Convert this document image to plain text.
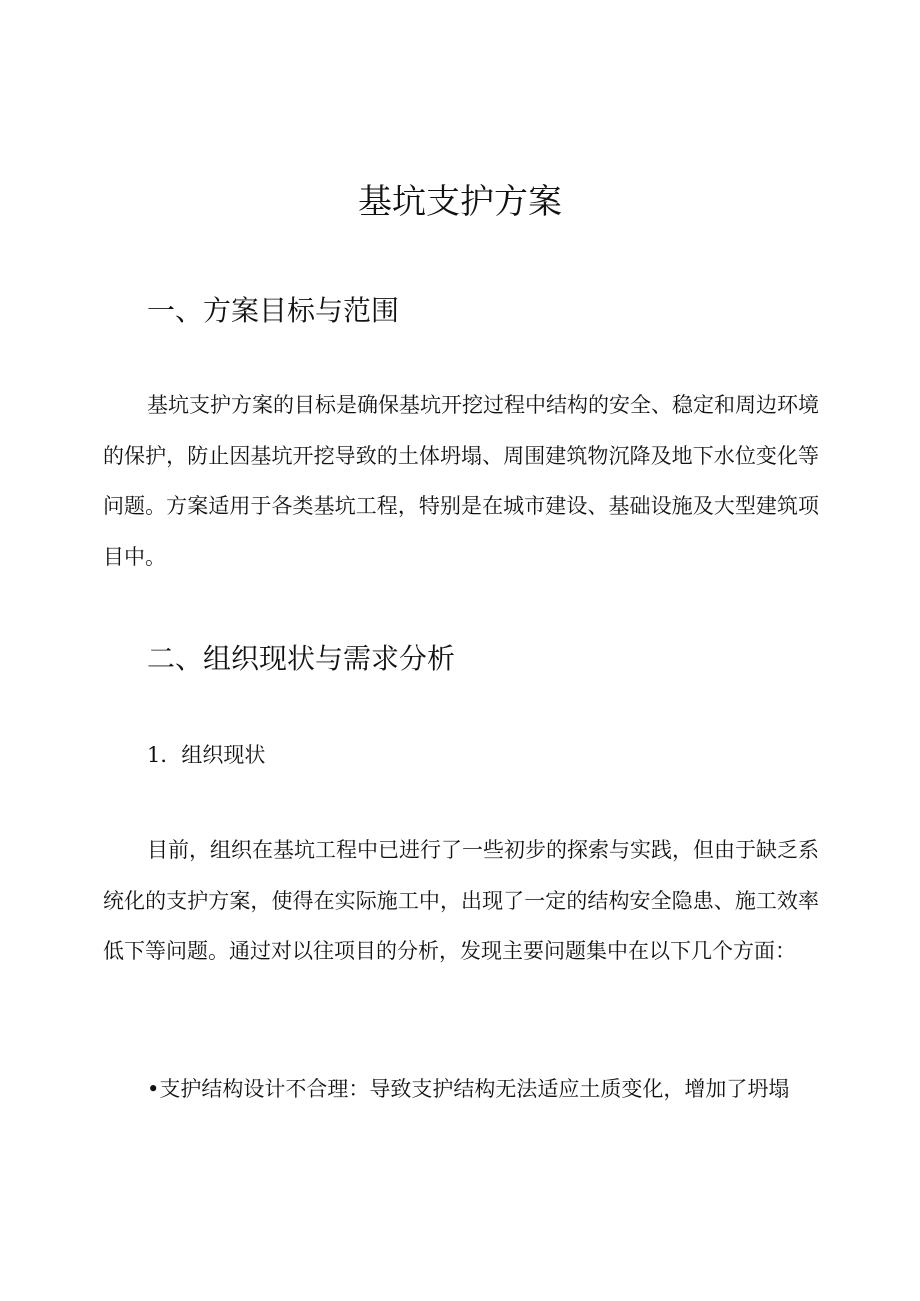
基坑支护方案
一、方案目标与范围

基坑支护方案的目标是确保基坑开挖过程中结构的安全、稳定和周边环境的保护，防止因基坑开挖导致的土体坍塌、周围建筑物沉降及地下水位变化等问题。方案适用于各类基坑工程，特别是在城市建设、基础设施及大型建筑项目中。

二、组织现状与需求分析
1．组织现状

目前，组织在基坑工程中已进行了一些初步的探索与实践，但由于缺乏系统化的支护方案，使得在实际施工中，出现了一定的结构安全隐患、施工效率低下等问题。通过对以往项目的分析，发现主要问题集中在以下几个方面：

•支护结构设计不合理：导致支护结构无法适应土质变化，增加了坍塌
